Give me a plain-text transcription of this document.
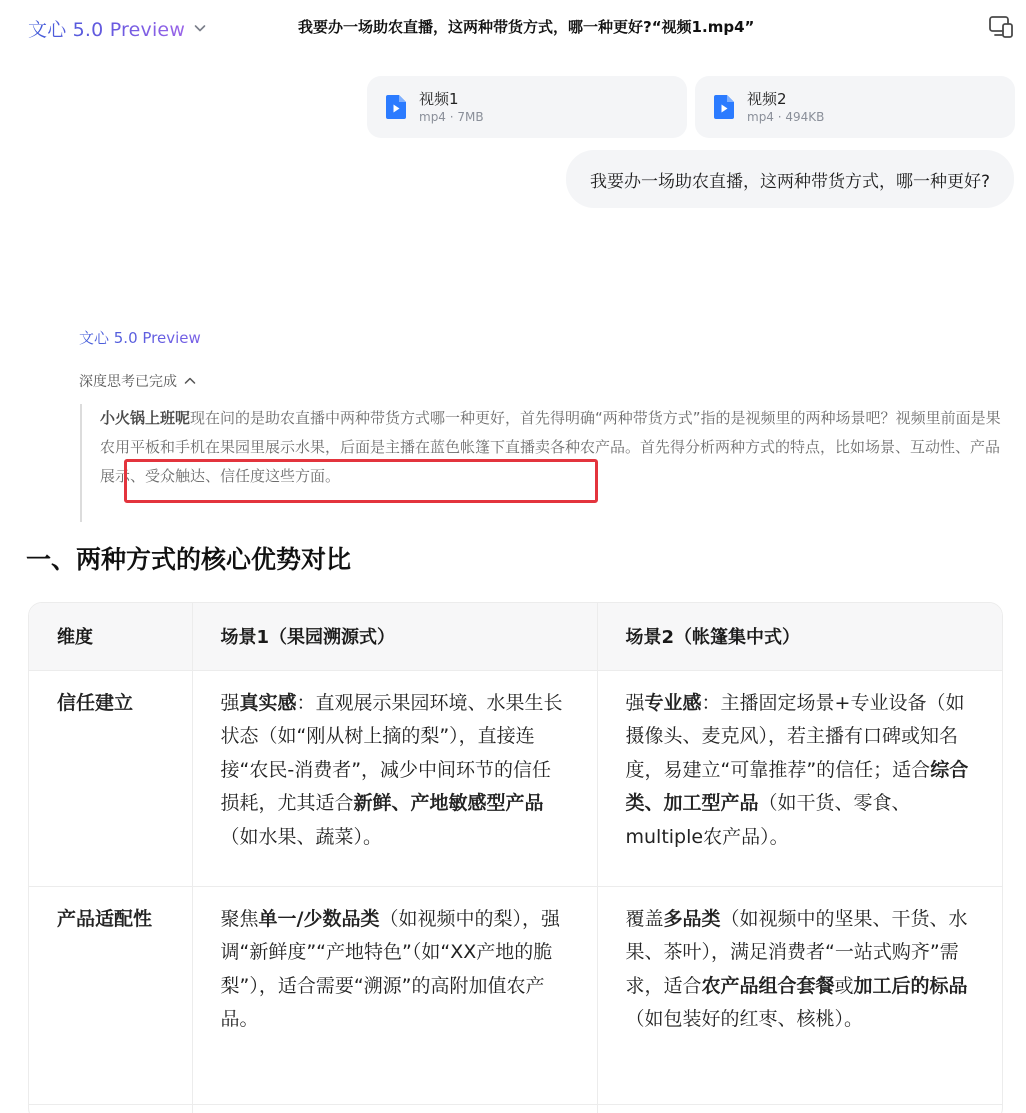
文心 5.0 Preview	我要办一场助农直播，这两种带货方式，哪一种更好?“视频1.mp4”
视频1
mp4 · 7MB
视频2
mp4 · 494KB
我要办一场助农直播，这两种带货方式，哪一种更好?
文心 5.0 Preview
深度思考已完成

小火锅上班呢现在问的是助农直播中两种带货方式哪一种更好，首先得明确“两种带货方式”指的是视频里的两种场景吧？视频里前面是果农用平板和手机在果园里展示水果，后面是主播在蓝色帐篷下直播卖各种农产品。首先得分析两种方式的特点，比如场景、互动性、产品展示、受众触达、信任度这些方面。

一、两种方式的核心优势对比
维度	场景1（果园溯源式）	场景2（帐篷集中式）
信任建立	强真实感：直观展示果园环境、水果生长状态（如“刚从树上摘的梨”），直接连接“农民-消费者”，减少中间环节的信任损耗，尤其适合新鲜、产地敏感型产品（如水果、蔬菜）。	强专业感：主播固定场景+专业设备（如摄像头、麦克风），若主播有口碑或知名度，易建立“可靠推荐”的信任；适合综合类、加工型产品（如干货、零食、multiple农产品）。
产品适配性	聚焦单一/少数品类（如视频中的梨），强调“新鲜度”“产地特色”（如“XX产地的脆梨”），适合需要“溯源”的高附加值农产品。	覆盖多品类（如视频中的坚果、干货、水果、茶叶），满足消费者“一站式购齐”需求，适合农产品组合套餐或加工后的标品（如包装好的红枣、核桃）。
